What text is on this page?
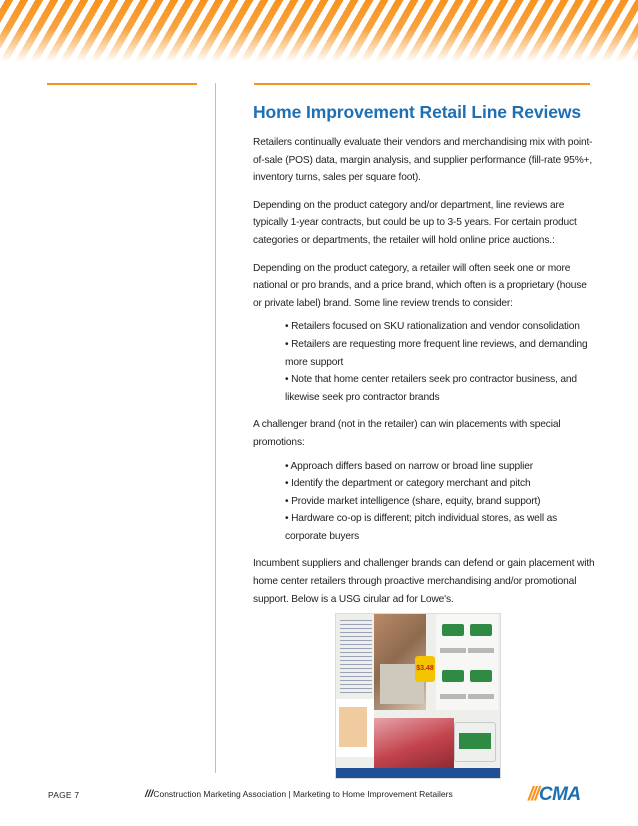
Home Improvement Retail Line Reviews

Retailers continually evaluate their vendors and merchandising mix with point-of-sale (POS) data, margin analysis, and supplier performance (fill-rate 95%+, inventory turns, sales per square foot).

Depending on the product category and/or department, line reviews are typically 1-year contracts, but could be up to 3-5 years. For certain product categories or departments, the retailer will hold online price auctions.:

Depending on the product category, a retailer will often seek one or more national or pro brands, and a price brand, which often is a proprietary (house or private label) brand. Some line review trends to consider:

• Retailers focused on SKU rationalization and vendor consolidation
• Retailers are requesting more frequent line reviews, and demanding more support
• Note that home center retailers seek pro contractor business, and likewise seek pro contractor brands

A challenger brand (not in the retailer) can win placements with special promotions:

• Approach differs based on narrow or broad line supplier
• Identify the department or category merchant and pitch
• Provide market intelligence (share, equity, brand support)
• Hardware co-op is different; pitch individual stores, as well as corporate buyers

Incumbent suppliers and challenger brands can defend or gain placement with home center retailers through proactive merchandising and/or promotional support. Below is a USG cirular ad for Lowe's.

$3.48
PAGE 7	///Construction Marketing Association | Marketing to Home Improvement Retailers	///CMA
